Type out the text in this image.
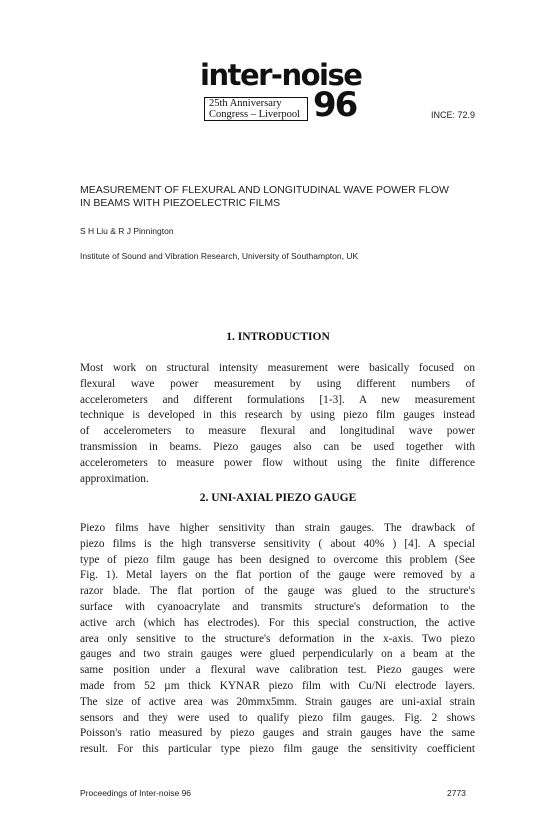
inter-noise
25th Anniversary
Congress – Liverpool 96	INCE: 72.9
MEASUREMENT OF FLEXURAL AND LONGITUDINAL WAVE POWER FLOW
IN BEAMS WITH PIEZOELECTRIC FILMS
S H Liu & R J Pinnington
Institute of Sound and Vibration Research, University of Southampton, UK
1. INTRODUCTION
Most work on structural intensity measurement were basically focused on
flexural wave power measurement by using different numbers of
accelerometers and different formulations [1-3]. A new measurement
technique is developed in this research by using piezo film gauges instead
of accelerometers to measure flexural and longitudinal wave power
transmission in beams. Piezo gauges also can be used together with
accelerometers to measure power flow without using the finite difference
approximation.
2. UNI-AXIAL PIEZO GAUGE
Piezo films have higher sensitivity than strain gauges. The drawback of
piezo films is the high transverse sensitivity ( about 40% ) [4]. A special
type of piezo film gauge has been designed to overcome this problem (See
Fig. 1). Metal layers on the flat portion of the gauge were removed by a
razor blade. The flat portion of the gauge was glued to the structure's
surface with cyanoacrylate and transmits structure's deformation to the
active arch (which has electrodes). For this special construction, the active
area only sensitive to the structure's deformation in the x-axis. Two piezo
gauges and two strain gauges were glued perpendicularly on a beam at the
same position under a flexural wave calibration test. Piezo gauges were
made from 52 µm thick KYNAR piezo film with Cu/Ni electrode layers.
The size of active area was 20mmx5mm. Strain gauges are uni-axial strain
sensors and they were used to qualify piezo film gauges. Fig. 2 shows
Poisson's ratio measured by piezo gauges and strain gauges have the same
result. For this particular type piezo film gauge the sensitivity coefficient
Proceedings of Inter-noise 96	2773
